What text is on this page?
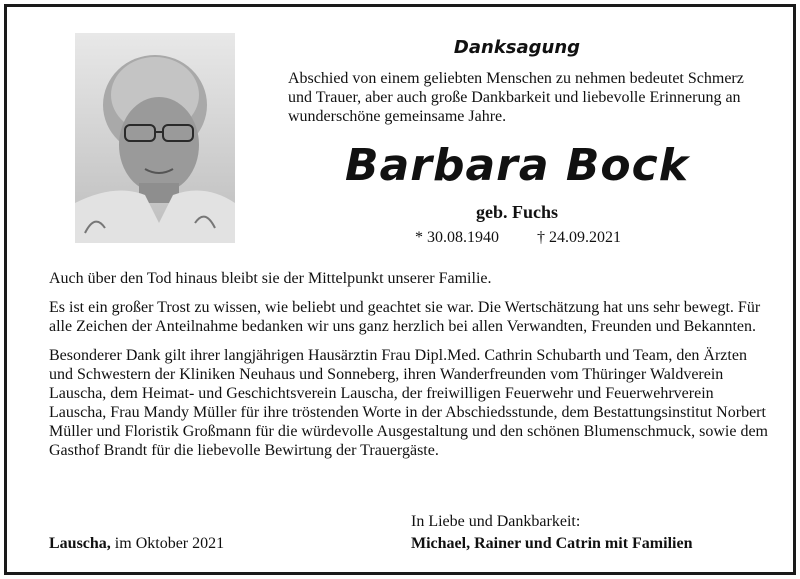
Danksagung
Abschied von einem geliebten Menschen zu nehmen bedeutet Schmerz und Trauer, aber auch große Dankbarkeit und liebevolle Erinnerung an wunderschöne gemeinsame Jahre.
Barbara Bock
geb. Fuchs
* 30.08.1940 † 24.09.2021

Auch über den Tod hinaus bleibt sie der Mittelpunkt unserer Familie.

Es ist ein großer Trost zu wissen, wie beliebt und geachtet sie war. Die Wertschätzung hat uns sehr bewegt. Für alle Zeichen der Anteilnahme bedanken wir uns ganz herzlich bei allen Verwandten, Freunden und Bekannten.

Besonderer Dank gilt ihrer langjährigen Hausärztin Frau Dipl.Med. Cathrin Schubarth und Team, den Ärzten und Schwestern der Kliniken Neuhaus und Sonneberg, ihren Wanderfreunden vom Thüringer Waldverein Lauscha, dem Heimat- und Geschichtsverein Lauscha, der freiwilligen Feuerwehr und Feuerwehrverein Lauscha, Frau Mandy Müller für ihre tröstenden Worte in der Abschiedsstunde, dem Bestattungsinstitut Norbert Müller und Floristik Großmann für die würdevolle Ausgestaltung und den schönen Blumenschmuck, sowie dem Gasthof Brandt für die liebevolle Bewirtung der Trauergäste.

In Liebe und Dankbarkeit:
Lauscha, im Oktober 2021	Michael, Rainer und Catrin mit Familien
